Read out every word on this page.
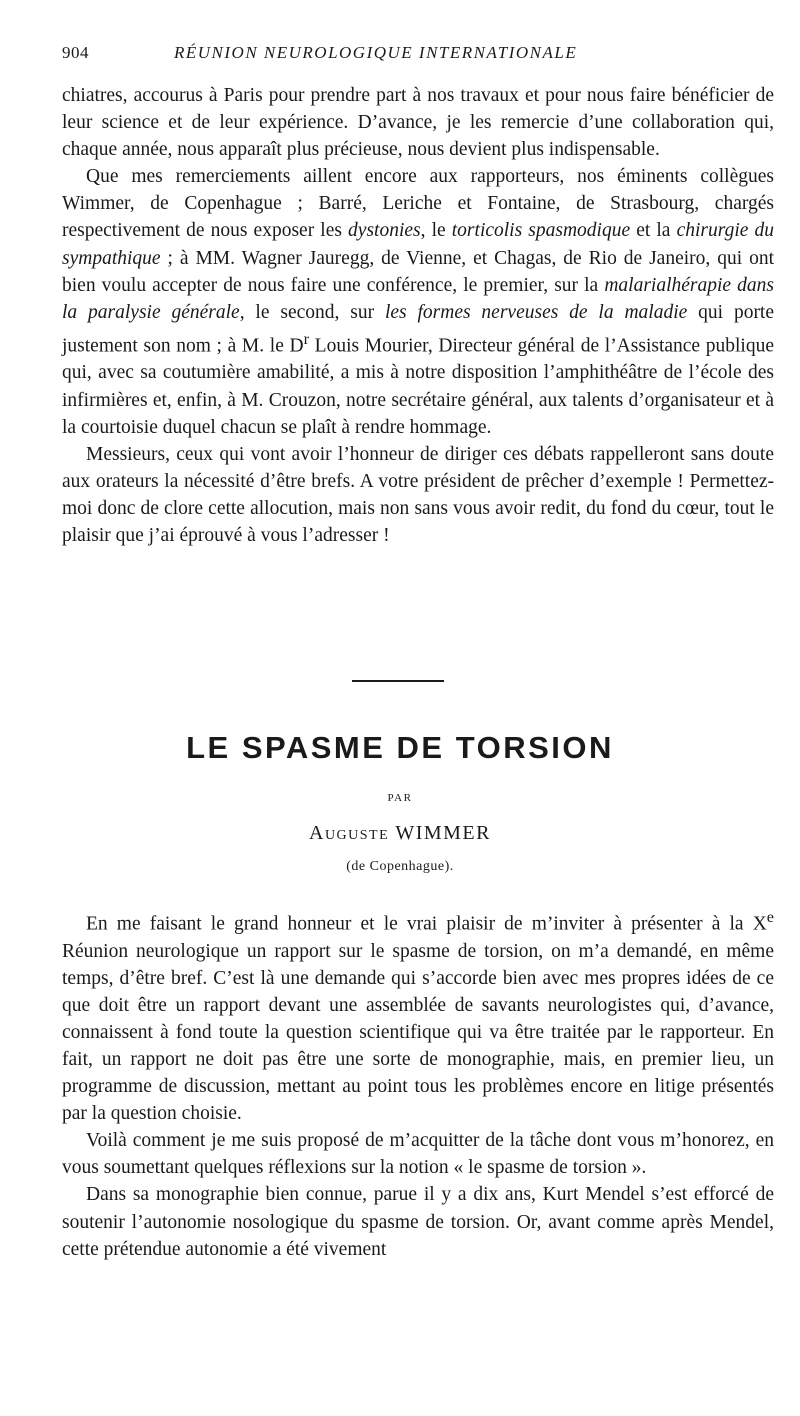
904	RÉUNION NEUROLOGIQUE INTERNATIONALE

chiatres, accourus à Paris pour prendre part à nos travaux et pour nous faire bénéficier de leur science et de leur expérience. D’avance, je les remercie d’une collaboration qui, chaque année, nous apparaît plus précieuse, nous devient plus indispensable.

Que mes remerciements aillent encore aux rapporteurs, nos éminents collègues Wimmer, de Copenhague ; Barré, Leriche et Fontaine, de Strasbourg, chargés respectivement de nous exposer les dystonies, le torticolis spasmodique et la chirurgie du sympathique ; à MM. Wagner Jauregg, de Vienne, et Chagas, de Rio de Janeiro, qui ont bien voulu accepter de nous faire une conférence, le premier, sur la malarialhérapie dans la paralysie générale, le second, sur les formes nerveuses de la maladie qui porte justement son nom ; à M. le $D^r$ Louis Mourier, Directeur général de l’Assistance publique qui, avec sa coutumière amabilité, a mis à notre disposition l’amphithéâtre de l’école des infirmières et, enfin, à M. Crouzon, notre secrétaire général, aux talents d’organisateur et à la courtoisie duquel chacun se plaît à rendre hommage.

Messieurs, ceux qui vont avoir l’honneur de diriger ces débats rappelleront sans doute aux orateurs la nécessité d’être brefs. A votre président de prêcher d’exemple ! Permettez-moi donc de clore cette allocution, mais non sans vous avoir redit, du fond du cœur, tout le plaisir que j’ai éprouvé à vous l’adresser !

LE SPASME DE TORSION
PAR
Auguste WIMMER
(de Copenhague).

En me faisant le grand honneur et le vrai plaisir de m’inviter à présenter à la Xe Réunion neurologique un rapport sur le spasme de torsion, on m’a demandé, en même temps, d’être bref. C’est là une demande qui s’accorde bien avec mes propres idées de ce que doit être un rapport devant une assemblée de savants neurologistes qui, d’avance, connaissent à fond toute la question scientifique qui va être traitée par le rapporteur. En fait, un rapport ne doit pas être une sorte de monographie, mais, en premier lieu, un programme de discussion, mettant au point tous les problèmes encore en litige présentés par la question choisie.

Voilà comment je me suis proposé de m’acquitter de la tâche dont vous m’honorez, en vous soumettant quelques réflexions sur la notion « le spasme de torsion ».

Dans sa monographie bien connue, parue il y a dix ans, Kurt Mendel s’est efforcé de soutenir l’autonomie nosologique du spasme de torsion. Or, avant comme après Mendel, cette prétendue autonomie a été vivement
